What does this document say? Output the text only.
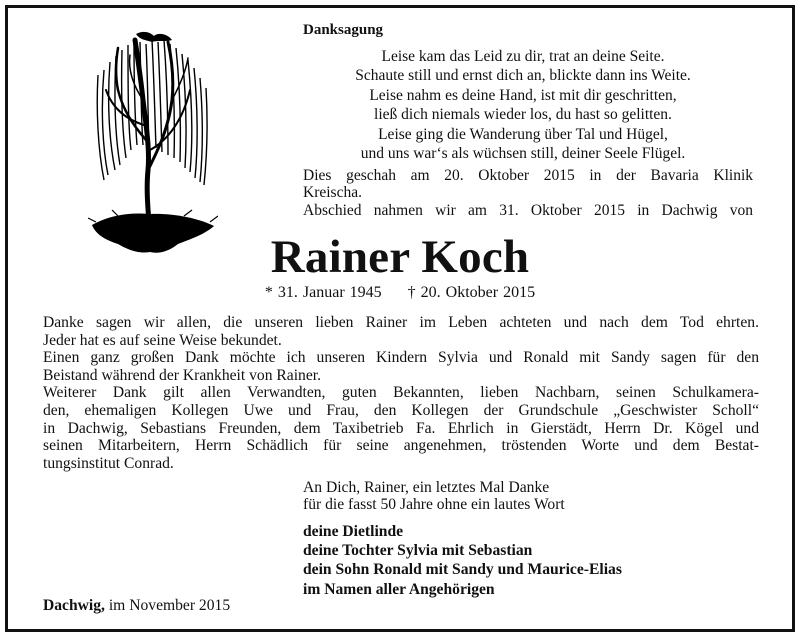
Danksagung
Leise kam das Leid zu dir, trat an deine Seite.
Schaute still und ernst dich an, blickte dann ins Weite.
Leise nahm es deine Hand, ist mit dir geschritten,
ließ dich niemals wieder los, du hast so gelitten.
Leise ging die Wanderung über Tal und Hügel,
und uns war‘s als wüchsen still, deiner Seele Flügel.
Dies geschah am 20. Oktober 2015 in der Bavaria Klinik
Kreischa.
Abschied nahmen wir am 31. Oktober 2015 in Dachwig von
Rainer Koch
* 31. Januar 1945 † 20. Oktober 2015
Danke sagen wir allen, die unseren lieben Rainer im Leben achteten und nach dem Tod ehrten.
Jeder hat es auf seine Weise bekundet.
Einen ganz großen Dank möchte ich unseren Kindern Sylvia und Ronald mit Sandy sagen für den
Beistand während der Krankheit von Rainer.
Weiterer Dank gilt allen Verwandten, guten Bekannten, lieben Nachbarn, seinen Schulkamera-
den, ehemaligen Kollegen Uwe und Frau, den Kollegen der Grundschule „Geschwister Scholl“
in Dachwig, Sebastians Freunden, dem Taxibetrieb Fa. Ehrlich in Gierstädt, Herrn Dr. Kögel und
seinen Mitarbeitern, Herrn Schädlich für seine angenehmen, tröstenden Worte und dem Bestat-
tungsinstitut Conrad.
An Dich, Rainer, ein letztes Mal Danke
für die fasst 50 Jahre ohne ein lautes Wort
deine Dietlinde
deine Tochter Sylvia mit Sebastian
dein Sohn Ronald mit Sandy und Maurice-Elias
im Namen aller Angehörigen
Dachwig, im November 2015
